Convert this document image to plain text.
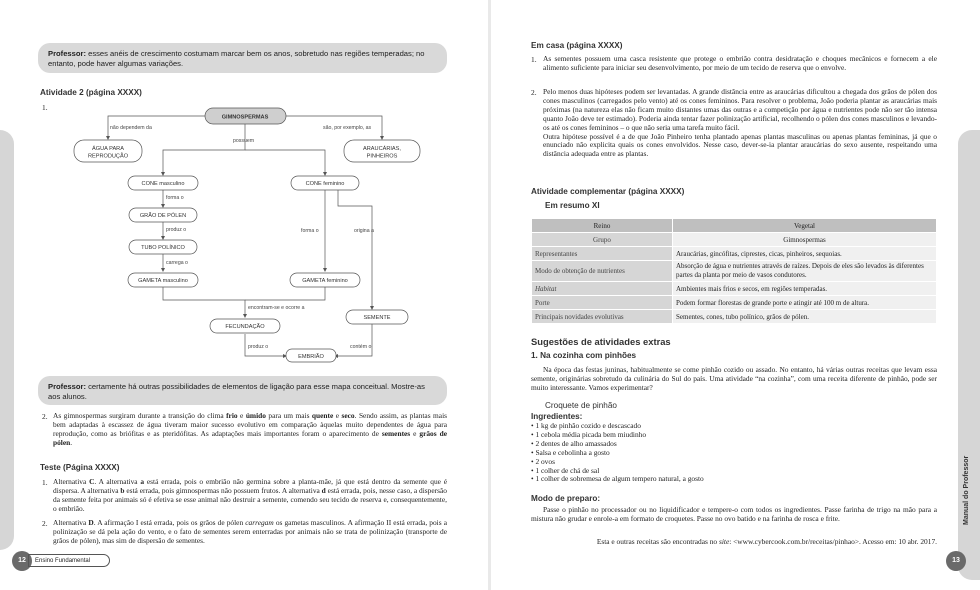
Professor: esses anéis de crescimento costumam marcar bem os anos, sobretudo nas regiões temperadas; no entanto, pode haver algumas variações.
Atividade 2 (página XXXX)
1.
GIMNOSPERMAS
ÁGUA PARA
REPRODUÇÃO
ARAUCÁRIAS,
PINHEIROS
CONE masculino	CONE feminino
GRÃO DE PÓLEN
TUBO POLÍNICO
GAMETA masculino	GAMETA feminino
FECUNDAÇÃO
SEMENTE
EMBRIÃO
não dependem da	são, por exemplo, as
possuem
forma o
produz o
carrega o
forma o	origina a
encontram-se e ocorre a
produz o	contém o
Professor: certamente há outras possibilidades de elementos de ligação para esse mapa conceitual. Mostre-as aos alunos.
2. As gimnospermas surgiram durante a transição do clima frio e úmido para um mais quente e seco. Sendo assim, as plantas mais bem adaptadas à escassez de água tiveram maior sucesso evolutivo em comparação àquelas muito dependentes de água para reprodução, como as briófitas e as pteridófitas. As adaptações mais importantes foram o aparecimento de sementes e grãos de pólen.
Teste (Página XXXX)
1. Alternativa C. A alternativa a está errada, pois o embrião não germina sobre a planta-mãe, já que está dentro da semente que é dispersa. A alternativa b está errada, pois gimnospermas não possuem frutos. A alternativa d está errada, pois, nesse caso, a dispersão da semente feita por animais só é efetiva se esse animal não destruir a semente, comendo seu tecido de reserva e, consequentemente, o embrião.
2. Alternativa D. A afirmação I está errada, pois os grãos de pólen carregam os gametas masculinos. A afirmação II está errada, pois a polinização se dá pela ação do vento, e o fato de sementes serem enterradas por animais não se trata de polinização (transporte de grãos de pólen), mas sim de dispersão de sementes.
12	Ensino Fundamental
Em casa (página XXXX)
1. As sementes possuem uma casca resistente que protege o embrião contra desidratação e choques mecânicos e fornecem a ele alimento suficiente para iniciar seu desenvolvimento, por meio de um tecido de reserva que o envolve.
2. Pelo menos duas hipóteses podem ser levantadas. A grande distância entre as araucárias dificultou a chegada dos grãos de pólen dos cones masculinos (carregados pelo vento) até os cones femininos. Para resolver o problema, João poderia plantar as araucárias mais próximas (na natureza elas não ficam muito distantes umas das outras e a competição por água e nutrientes pode não ser tão intensa quanto João deve ter estimado). Poderia ainda tentar fazer polinização artificial, recolhendo o pólen dos cones masculinos e levando-os até os cones femininos – o que não seria uma tarefa muito fácil.
Outra hipótese possível é a de que João Pinheiro tenha plantado apenas plantas masculinas ou apenas plantas femininas, já que o enunciado não explicita quais os cones envolvidos. Nesse caso, dever-se-ia plantar araucárias do sexo ausente, respeitando uma distância adequada entre as plantas.
Atividade complementar (página XXXX)
Em resumo XI
Reino	Vegetal
Grupo	Gimnospermas
Representantes	Araucárias, gincófitas, ciprestes, cicas, pinheiros, sequoias.
Modo de obtenção de nutrientes	Absorção de água e nutrientes através de raízes. Depois de eles são levados às diferentes partes da planta por meio de vasos condutores.
Habitat	Ambientes mais frios e secos, em regiões temperadas.
Porte	Podem formar florestas de grande porte e atingir até 100 m de altura.
Principais novidades evolutivas	Sementes, cones, tubo polínico, grãos de pólen.
Sugestões de atividades extras
1. Na cozinha com pinhões
Na época das festas juninas, habitualmente se come pinhão cozido ou assado. No entanto, há várias outras receitas que levam essa semente, originárias sobretudo da culinária do Sul do país. Uma atividade “na cozinha”, com uma receita diferente de pinhão, pode ser muito interessante. Vamos experimentar?
Croquete de pinhão
Ingredientes:
• 1 kg de pinhão cozido e descascado
• 1 cebola média picada bem miudinho
• 2 dentes de alho amassados
• Salsa e cebolinha a gosto
• 2 ovos
• 1 colher de chá de sal
• 1 colher de sobremesa de algum tempero natural, a gosto
Modo de preparo:
Passe o pinhão no processador ou no liquidificador e tempere-o com todos os ingredientes. Passe farinha de trigo na mão para a mistura não grudar e enrole-a em formato de croquetes. Passe no ovo batido e na farinha de rosca e frite.
Esta e outras receitas são encontradas no site: <www.cybercook.com.br/receitas/pinhao>. Acesso em: 10 abr. 2017.
Manual do Professor
13
